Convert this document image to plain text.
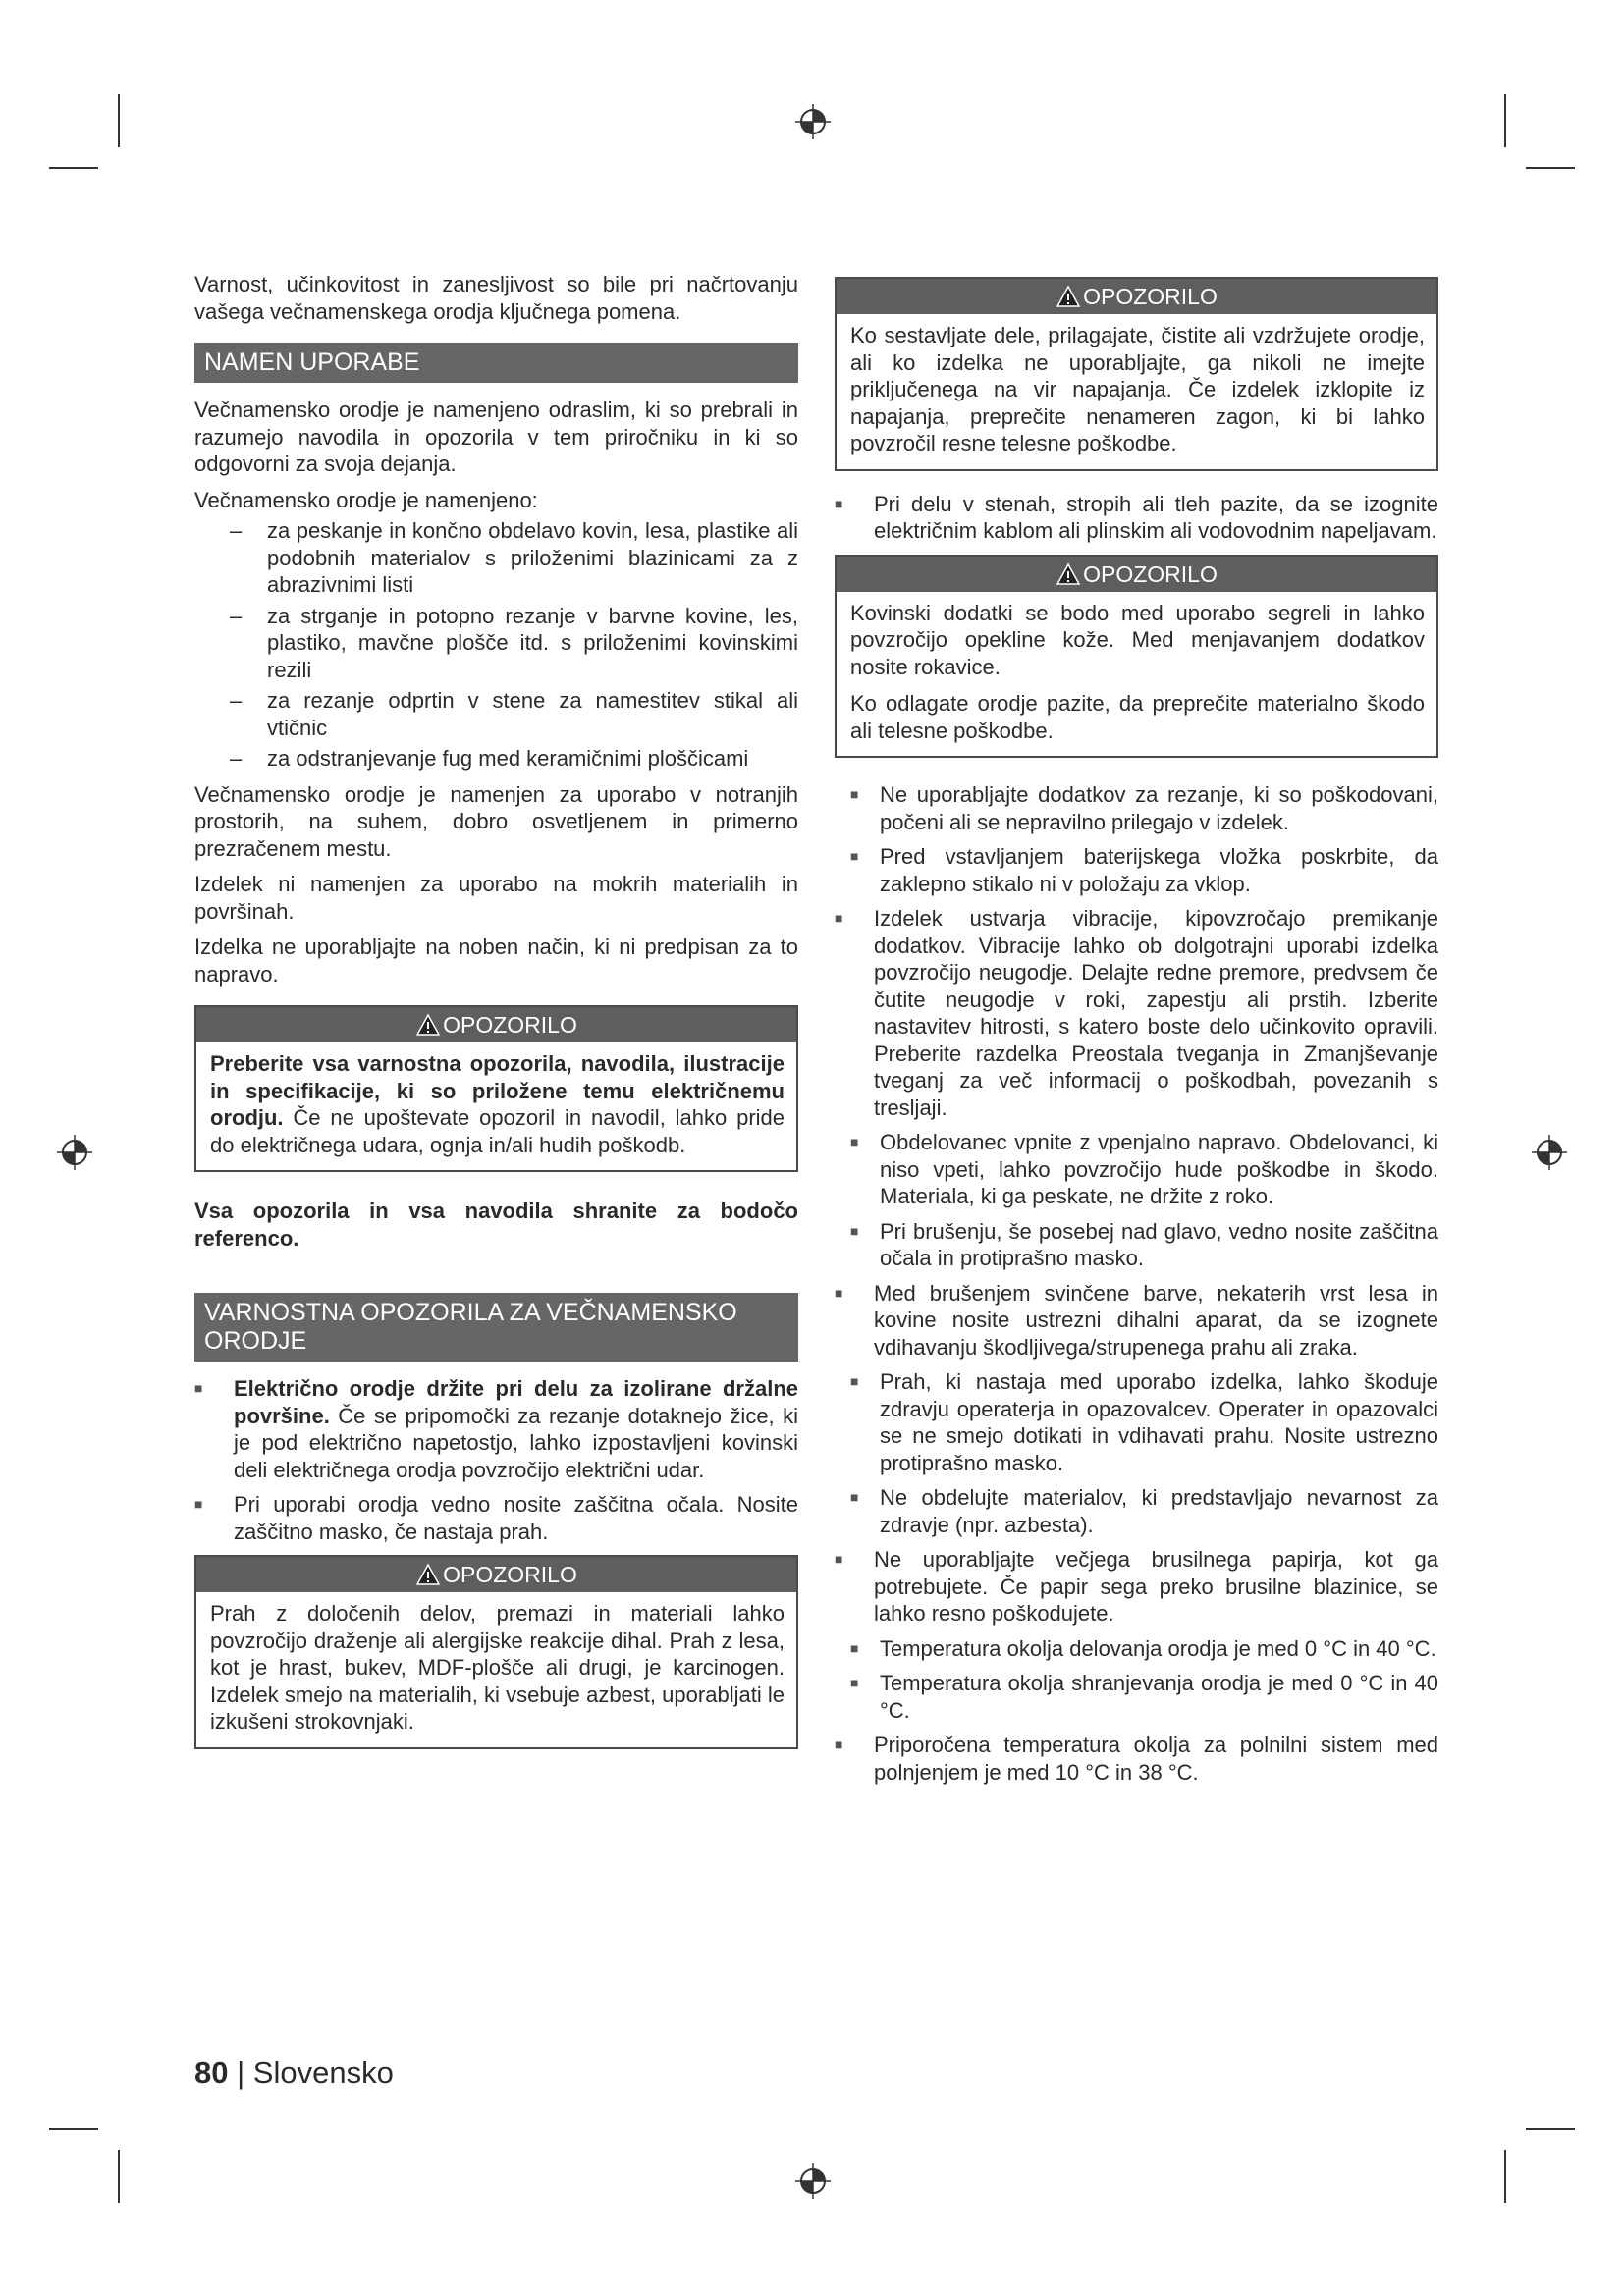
Varnost, učinkovitost in zanesljivost so bile pri načrtovanju vašega večnamenskega orodja ključnega pomena.

NAMEN UPORABE

Večnamensko orodje je namenjeno odraslim, ki so prebrali in razumejo navodila in opozorila v tem priročniku in ki so odgovorni za svoja dejanja.

Večnamensko orodje je namenjeno:

–	za peskanje in končno obdelavo kovin, lesa, plastike ali podobnih materialov s priloženimi blazinicami za z abrazivnimi listi
–	za strganje in potopno rezanje v barvne kovine, les, plastiko, mavčne plošče itd. s priloženimi kovinskimi rezili
–	za rezanje odprtin v stene za namestitev stikal ali vtičnic
–	za odstranjevanje fug med keramičnimi ploščicami

Večnamensko orodje je namenjen za uporabo v notranjih prostorih, na suhem, dobro osvetljenem in primerno prezračenem mestu.

Izdelek ni namenjen za uporabo na mokrih materialih in površinah.

Izdelka ne uporabljajte na noben način, ki ni predpisan za to napravo.

OPOZORILO

Preberite vsa varnostna opozorila, navodila, ilustracije in specifikacije, ki so priložene temu električnemu orodju. Če ne upoštevate opozoril in navodil, lahko pride do električnega udara, ognja in/ali hudih poškodb.

Vsa opozorila in vsa navodila shranite za bodočo referenco.

VARNOSTNA OPOZORILA ZA VEČNAMENSKO ORODJE
■	Električno orodje držite pri delu za izolirane držalne površine. Če se pripomočki za rezanje dotaknejo žice, ki je pod električno napetostjo, lahko izpostavljeni kovinski deli električnega orodja povzročijo električni udar.
■	Pri uporabi orodja vedno nosite zaščitna očala. Nosite zaščitno masko, če nastaja prah.
OPOZORILO

Prah z določenih delov, premazi in materiali lahko povzročijo draženje ali alergijske reakcije dihal. Prah z lesa, kot je hrast, bukev, MDF-plošče ali drugi, je karcinogen. Izdelek smejo na materialih, ki vsebuje azbest, uporabljati le izkušeni strokovnjaki.

OPOZORILO

Ko sestavljate dele, prilagajate, čistite ali vzdržujete orodje, ali ko izdelka ne uporabljajte, ga nikoli ne imejte priključenega na vir napajanja. Če izdelek izklopite iz napajanja, preprečite nenameren zagon, ki bi lahko povzročil resne telesne poškodbe.

■	Pri delu v stenah, stropih ali tleh pazite, da se izognite električnim kablom ali plinskim ali vodovodnim napeljavam.
OPOZORILO

Kovinski dodatki se bodo med uporabo segreli in lahko povzročijo opekline kože. Med menjavanjem dodatkov nosite rokavice.

Ko odlagate orodje pazite, da preprečite materialno škodo ali telesne poškodbe.

■ Ne uporabljajte dodatkov za rezanje, ki so poškodovani, počeni ali se nepravilno prilegajo v izdelek.
■ Pred vstavljanjem baterijskega vložka poskrbite, da zaklepno stikalo ni v položaju za vklop.
■	Izdelek ustvarja vibracije, kipovzročajo premikanje dodatkov. Vibracije lahko ob dolgotrajni uporabi izdelka povzročijo neugodje. Delajte redne premore, predvsem če čutite neugodje v roki, zapestju ali prstih. Izberite nastavitev hitrosti, s katero boste delo učinkovito opravili. Preberite razdelka Preostala tveganja in Zmanjševanje tveganj za več informacij o poškodbah, povezanih s tresljaji.
■ Obdelovanec vpnite z vpenjalno napravo. Obdelovanci, ki niso vpeti, lahko povzročijo hude poškodbe in škodo. Materiala, ki ga peskate, ne držite z roko.
■ Pri brušenju, še posebej nad glavo, vedno nosite zaščitna očala in protiprašno masko.
■	Med brušenjem svinčene barve, nekaterih vrst lesa in kovine nosite ustrezni dihalni aparat, da se izognete vdihavanju škodljivega/strupenega prahu ali zraka.
■ Prah, ki nastaja med uporabo izdelka, lahko škoduje zdravju operaterja in opazovalcev. Operater in opazovalci se ne smejo dotikati in vdihavati prahu. Nosite ustrezno protiprašno masko.
■ Ne obdelujte materialov, ki predstavljajo nevarnost za zdravje (npr. azbesta).
■	Ne uporabljajte večjega brusilnega papirja, kot ga potrebujete. Če papir sega preko brusilne blazinice, se lahko resno poškodujete.
■ Temperatura okolja delovanja orodja je med 0 °C in 40 °C.
■ Temperatura okolja shranjevanja orodja je med 0 °C in 40 °C.
■	Priporočena temperatura okolja za polnilni sistem med polnjenjem je med 10 °C in 38 °C.
80 | Slovensko
